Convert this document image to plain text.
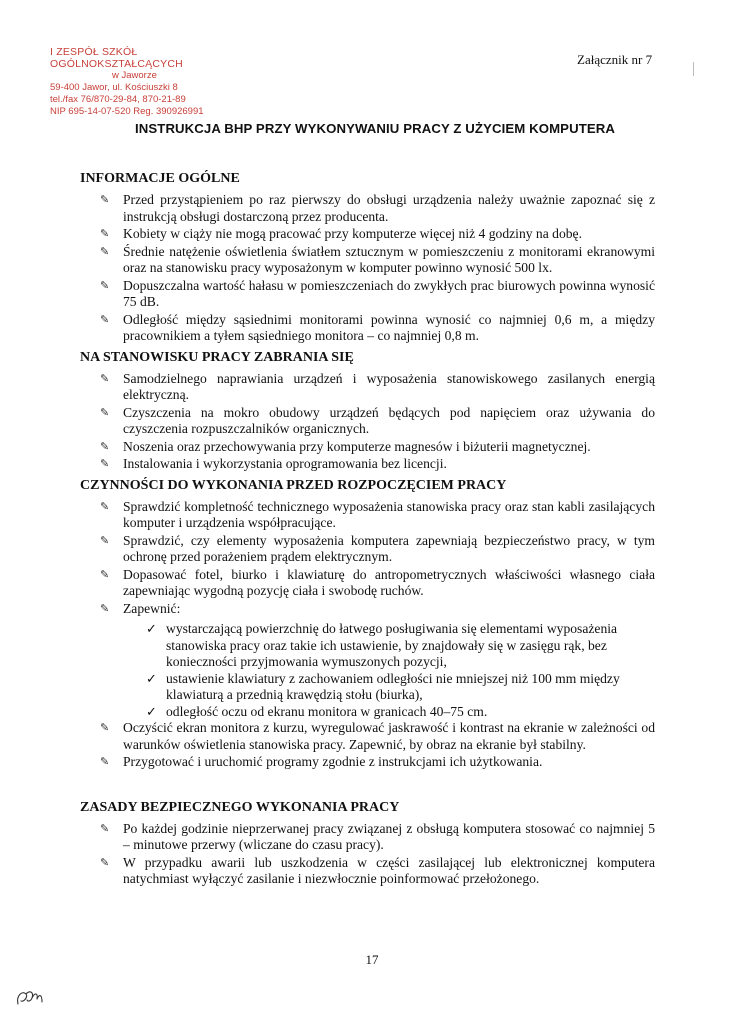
I ZESPÓŁ SZKÓŁ OGÓLNOKSZTAŁCĄCYCH
w Jaworze
59-400 Jawor, ul. Kościuszki 8
tel./fax 76/870-29-84, 870-21-89
NIP 695-14-07-520 Reg. 390926991
Załącznik nr 7
INSTRUKCJA BHP PRZY WYKONYWANIU PRACY Z UŻYCIEM KOMPUTERA

INFORMACJE OGÓLNE

✎ Przed przystąpieniem po raz pierwszy do obsługi urządzenia należy uważnie zapoznać się z instrukcją obsługi dostarczoną przez producenta.
✎ Kobiety w ciąży nie mogą pracować przy komputerze więcej niż 4 godziny na dobę.
✎ Średnie natężenie oświetlenia światłem sztucznym w pomieszczeniu z monitorami ekranowymi oraz na stanowisku pracy wyposażonym w komputer powinno wynosić 500 lx.
✎ Dopuszczalna wartość hałasu w pomieszczeniach do zwykłych prac biurowych powinna wynosić 75 dB.
✎ Odległość między sąsiednimi monitorami powinna wynosić co najmniej 0,6 m, a między pracownikiem a tyłem sąsiedniego monitora – co najmniej 0,8 m.

NA STANOWISKU PRACY ZABRANIA SIĘ

✎ Samodzielnego naprawiania urządzeń i wyposażenia stanowiskowego zasilanych energią elektryczną.
✎ Czyszczenia na mokro obudowy urządzeń będących pod napięciem oraz używania do czyszczenia rozpuszczalników organicznych.
✎ Noszenia oraz przechowywania przy komputerze magnesów i biżuterii magnetycznej.
✎ Instalowania i wykorzystania oprogramowania bez licencji.

CZYNNOŚCI DO WYKONANIA PRZED ROZPOCZĘCIEM PRACY

✎ Sprawdzić kompletność technicznego wyposażenia stanowiska pracy oraz stan kabli zasilających komputer i urządzenia współpracujące.
✎ Sprawdzić, czy elementy wyposażenia komputera zapewniają bezpieczeństwo pracy, w tym ochronę przed porażeniem prądem elektrycznym.
✎ Dopasować fotel, biurko i klawiaturę do antropometrycznych właściwości własnego ciała zapewniając wygodną pozycję ciała i swobodę ruchów.
✎ Zapewnić:
✓ wystarczającą powierzchnię do łatwego posługiwania się elementami wyposażenia stanowiska pracy oraz takie ich ustawienie, by znajdowały się w zasięgu rąk, bez konieczności przyjmowania wymuszonych pozycji,
✓ ustawienie klawiatury z zachowaniem odległości nie mniejszej niż 100 mm między klawiaturą a przednią krawędzią stołu (biurka),
✓ odległość oczu od ekranu monitora w granicach 40–75 cm.
✎ Oczyścić ekran monitora z kurzu, wyregulować jaskrawość i kontrast na ekranie w zależności od warunków oświetlenia stanowiska pracy. Zapewnić, by obraz na ekranie był stabilny.
✎ Przygotować i uruchomić programy zgodnie z instrukcjami ich użytkowania.

ZASADY BEZPIECZNEGO WYKONANIA PRACY

✎ Po każdej godzinie nieprzerwanej pracy związanej z obsługą komputera stosować co najmniej 5 – minutowe przerwy (wliczane do czasu pracy).
✎ W przypadku awarii lub uszkodzenia w części zasilającej lub elektronicznej komputera natychmiast wyłączyć zasilanie i niezwłocznie poinformować przełożonego.
17
